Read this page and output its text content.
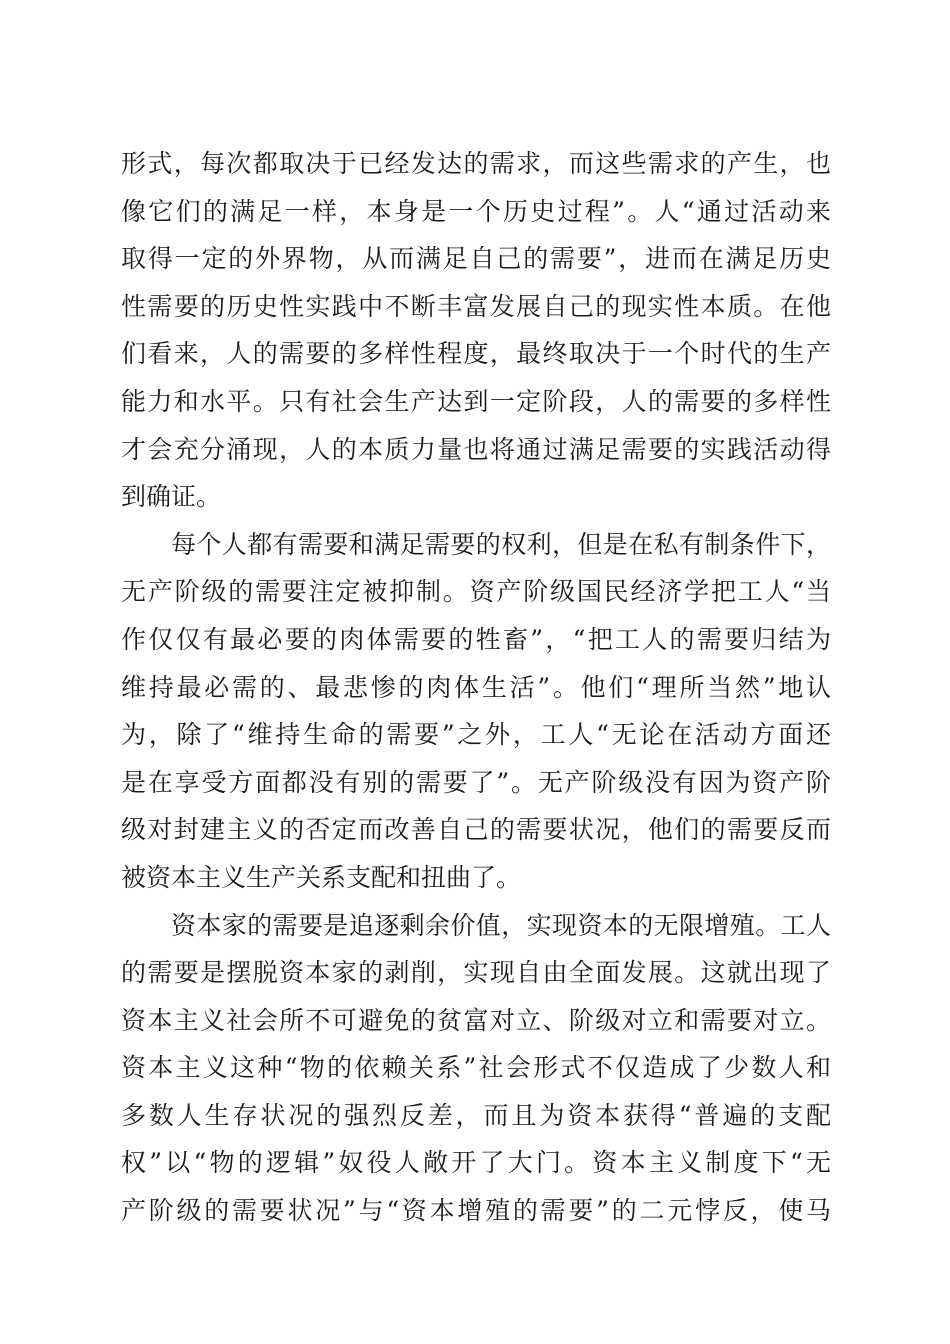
形式，每次都取决于已经发达的需求，而这些需求的产生，也
像它们的满足一样，本身是一个历史过程”。人“通过活动来
取得一定的外界物，从而满足自己的需要”，进而在满足历史
性需要的历史性实践中不断丰富发展自己的现实性本质。在他
们看来，人的需要的多样性程度，最终取决于一个时代的生产
能力和水平。只有社会生产达到一定阶段，人的需要的多样性
才会充分涌现，人的本质力量也将通过满足需要的实践活动得
到确证。
每个人都有需要和满足需要的权利，但是在私有制条件下，
无产阶级的需要注定被抑制。资产阶级国民经济学把工人“当
作仅仅有最必要的肉体需要的牲畜”，“把工人的需要归结为
维持最必需的、最悲惨的肉体生活”。他们“理所当然”地认
为，除了“维持生命的需要”之外，工人“无论在活动方面还
是在享受方面都没有别的需要了”。无产阶级没有因为资产阶
级对封建主义的否定而改善自己的需要状况，他们的需要反而
被资本主义生产关系支配和扭曲了。
资本家的需要是追逐剩余价值，实现资本的无限增殖。工人
的需要是摆脱资本家的剥削，实现自由全面发展。这就出现了
资本主义社会所不可避免的贫富对立、阶级对立和需要对立。
资本主义这种“物的依赖关系”社会形式不仅造成了少数人和
多数人生存状况的强烈反差，而且为资本获得“普遍的支配
权”以“物的逻辑”奴役人敞开了大门。资本主义制度下“无
产阶级的需要状况”与“资本增殖的需要”的二元悖反，使马
